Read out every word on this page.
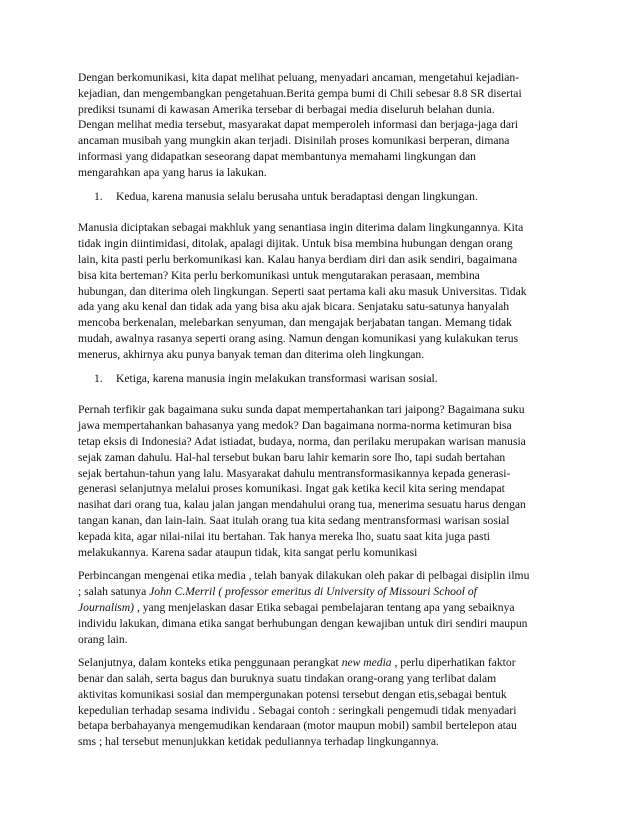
Dengan berkomunikasi, kita dapat melihat peluang, menyadari ancaman, mengetahui kejadian-
kejadian, dan mengembangkan pengetahuan.Berita gempa bumi di Chili sebesar 8.8 SR disertai
prediksi tsunami di kawasan Amerika tersebar di berbagai media diseluruh belahan dunia.
Dengan melihat media tersebut, masyarakat dapat memperoleh informasi dan berjaga-jaga dari
ancaman musibah yang mungkin akan terjadi. Disinilah proses komunikasi berperan, dimana
informasi yang didapatkan seseorang dapat membantunya memahami lingkungan dan
mengarahkan apa yang harus ia lakukan.

1.	Kedua, karena manusia selalu berusaha untuk beradaptasi dengan lingkungan.

Manusia diciptakan sebagai makhluk yang senantiasa ingin diterima dalam lingkungannya. Kita
tidak ingin diintimidasi, ditolak, apalagi dijitak. Untuk bisa membina hubungan dengan orang
lain, kita pasti perlu berkomunikasi kan. Kalau hanya berdiam diri dan asik sendiri, bagaimana
bisa kita berteman? Kita perlu berkomunikasi untuk mengutarakan perasaan, membina
hubungan, dan diterima oleh lingkungan. Seperti saat pertama kali aku masuk Universitas. Tidak
ada yang aku kenal dan tidak ada yang bisa aku ajak bicara. Senjataku satu-satunya hanyalah
mencoba berkenalan, melebarkan senyuman, dan mengajak berjabatan tangan. Memang tidak
mudah, awalnya rasanya seperti orang asing. Namun dengan komunikasi yang kulakukan terus
menerus, akhirnya aku punya banyak teman dan diterima oleh lingkungan.

1.	Ketiga, karena manusia ingin melakukan transformasi warisan sosial.

Pernah terfikir gak bagaimana suku sunda dapat mempertahankan tari jaipong? Bagaimana suku
jawa mempertahankan bahasanya yang medok? Dan bagaimana norma-norma ketimuran bisa
tetap eksis di Indonesia? Adat istiadat, budaya, norma, dan perilaku merupakan warisan manusia
sejak zaman dahulu. Hal-hal tersebut bukan baru lahir kemarin sore lho, tapi sudah bertahan
sejak bertahun-tahun yang lalu. Masyarakat dahulu mentransformasikannya kepada generasi-
generasi selanjutnya melalui proses komunikasi. Ingat gak ketika kecil kita sering mendapat
nasihat dari orang tua, kalau jalan jangan mendahului orang tua, menerima sesuatu harus dengan
tangan kanan, dan lain-lain. Saat itulah orang tua kita sedang mentransformasi warisan sosial
kepada kita, agar nilai-nilai itu bertahan. Tak hanya mereka lho, suatu saat kita juga pasti
melakukannya. Karena sadar ataupun tidak, kita sangat perlu komunikasi

Perbincangan mengenai etika media , telah banyak dilakukan oleh pakar di pelbagai disiplin ilmu
; salah satunya John C.Merril ( professor emeritus di University of Missouri School of
Journalism) , yang menjelaskan dasar Etika sebagai pembelajaran tentang apa yang sebaiknya
individu lakukan, dimana etika sangat berhubungan dengan kewajiban untuk diri sendiri maupun
orang lain.

Selanjutnya, dalam konteks etika penggunaan perangkat new media , perlu diperhatikan faktor
benar dan salah, serta bagus dan buruknya suatu tindakan orang-orang yang terlibat dalam
aktivitas komunikasi sosial dan mempergunakan potensi tersebut dengan etis,sebagai bentuk
kepedulian terhadap sesama individu . Sebagai contoh : seringkali pengemudi tidak menyadari
betapa berbahayanya mengemudikan kendaraan (motor maupun mobil) sambil bertelepon atau
sms ; hal tersebut menunjukkan ketidak peduliannya terhadap lingkungannya.
